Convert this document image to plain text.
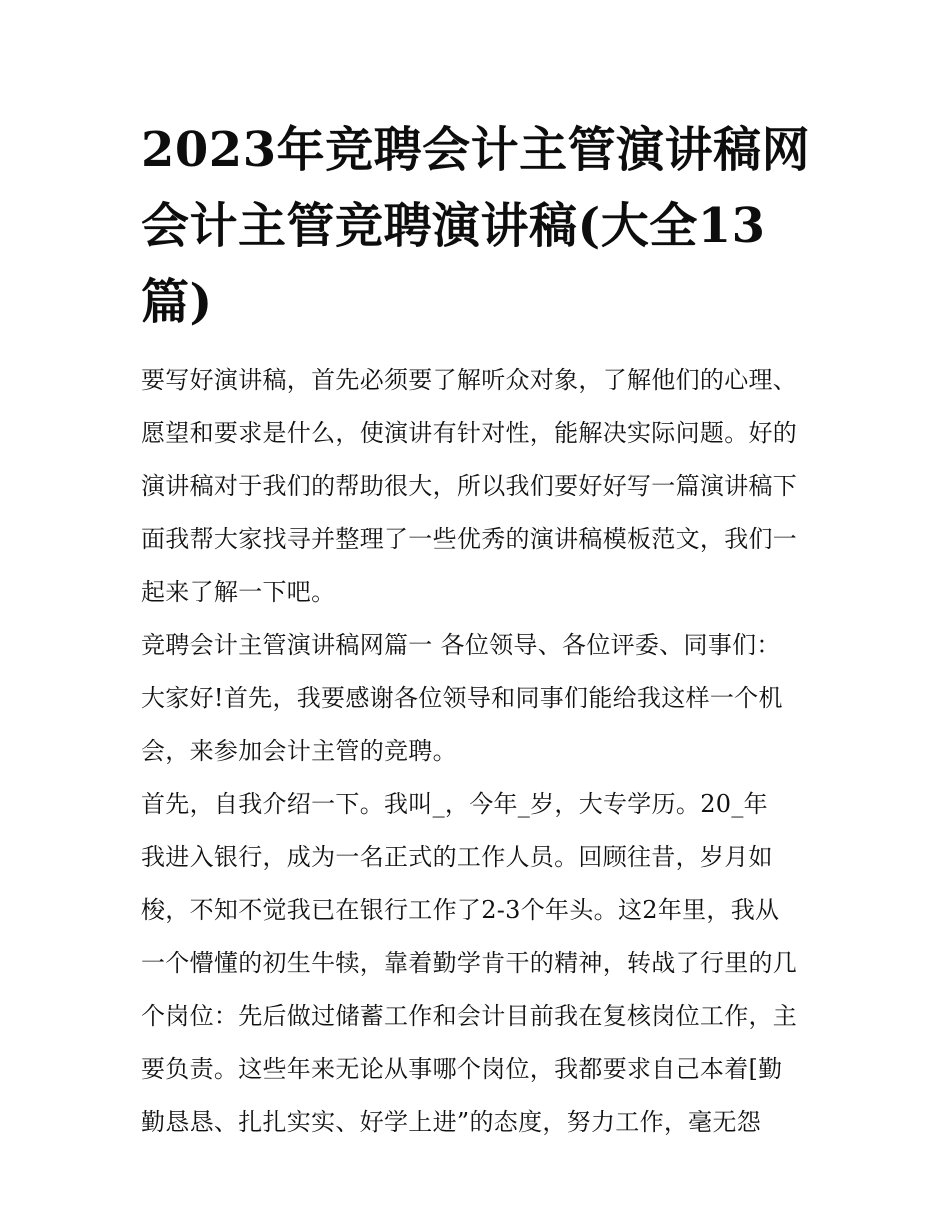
2023年竞聘会计主管演讲稿网
会计主管竞聘演讲稿(大全13
篇)
要写好演讲稿，首先必须要了解听众对象，了解他们的心理、
愿望和要求是什么，使演讲有针对性，能解决实际问题。好的
演讲稿对于我们的帮助很大，所以我们要好好写一篇演讲稿下
面我帮大家找寻并整理了一些优秀的演讲稿模板范文，我们一
起来了解一下吧。
竞聘会计主管演讲稿网篇一 各位领导、各位评委、同事们：
大家好!首先，我要感谢各位领导和同事们能给我这样一个机
会，来参加会计主管的竞聘。
首先，自我介绍一下。我叫_，今年_岁，大专学历。20_年
我进入银行，成为一名正式的工作人员。回顾往昔，岁月如
梭，不知不觉我已在银行工作了2-3个年头。这2年里，我从
一个懵懂的初生牛犊，靠着勤学肯干的精神，转战了行里的几
个岗位：先后做过储蓄工作和会计目前我在复核岗位工作，主
要负责。这些年来无论从事哪个岗位，我都要求自己本着[勤
勤恳恳、扎扎实实、好学上进”的态度，努力工作，毫无怨
